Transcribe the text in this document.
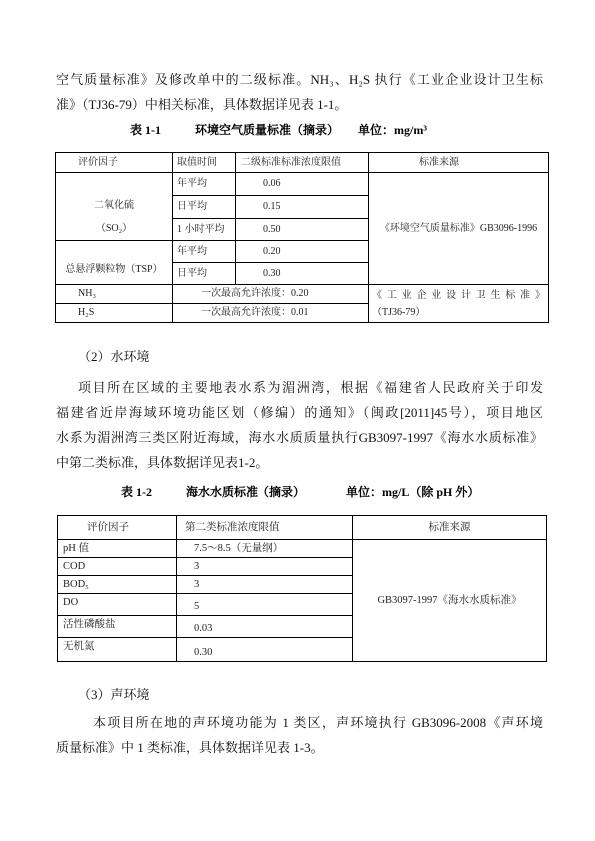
空气质量标准》及修改单中的二级标准。NH₃、H₂S 执行《工业企业设计卫生标
准》（TJ36-79）中相关标准，具体数据详见表 1-1。
表 1-1	环境空气质量标准（摘录） 单位：mg/m³
评价因子	取值时间	二级标准标准浓度限值	标准来源

二氧化硫
（SO₂）	年平均	0.06	《环境空气质量标准》GB3096-1996
	日平均	0.15	
	1 小时平均	0.50	
总悬浮颗粒物（TSP）	年平均	0.20	
	日平均	0.30	
NH₃	一次最高允许浓度：0.20		《工业企业设计卫生标准》
（TJ36-79）

H₂S	一次最高允许浓度：0.01		
（2）水环境
项目所在区域的主要地表水系为湄洲湾，根据《福建省人民政府关于印发
福建省近岸海域环境功能区划（修编）的通知》（闽政[2011]45号），项目地区
水系为湄洲湾三类区附近海域，海水水质质量执行GB3097-1997《海水水质标准》
中第二类标准，具体数据详见表1-2。
表 1-2	海水水质标准（摘录）	单位：mg/L（除 pH 外）
评价因子	第二类标准浓度限值	标准来源
pH 值	7.5～8.5（无量纲）	GB3097-1997《海水水质标准》
COD	3	
BOD₅	3	
DO	5	
活性磷酸盐	0.03	
无机氮	0.30	
（3）声环境
本项目所在地的声环境功能为 1 类区，声环境执行 GB3096-2008《声环境
质量标准》中 1 类标准，具体数据详见表 1-3。
